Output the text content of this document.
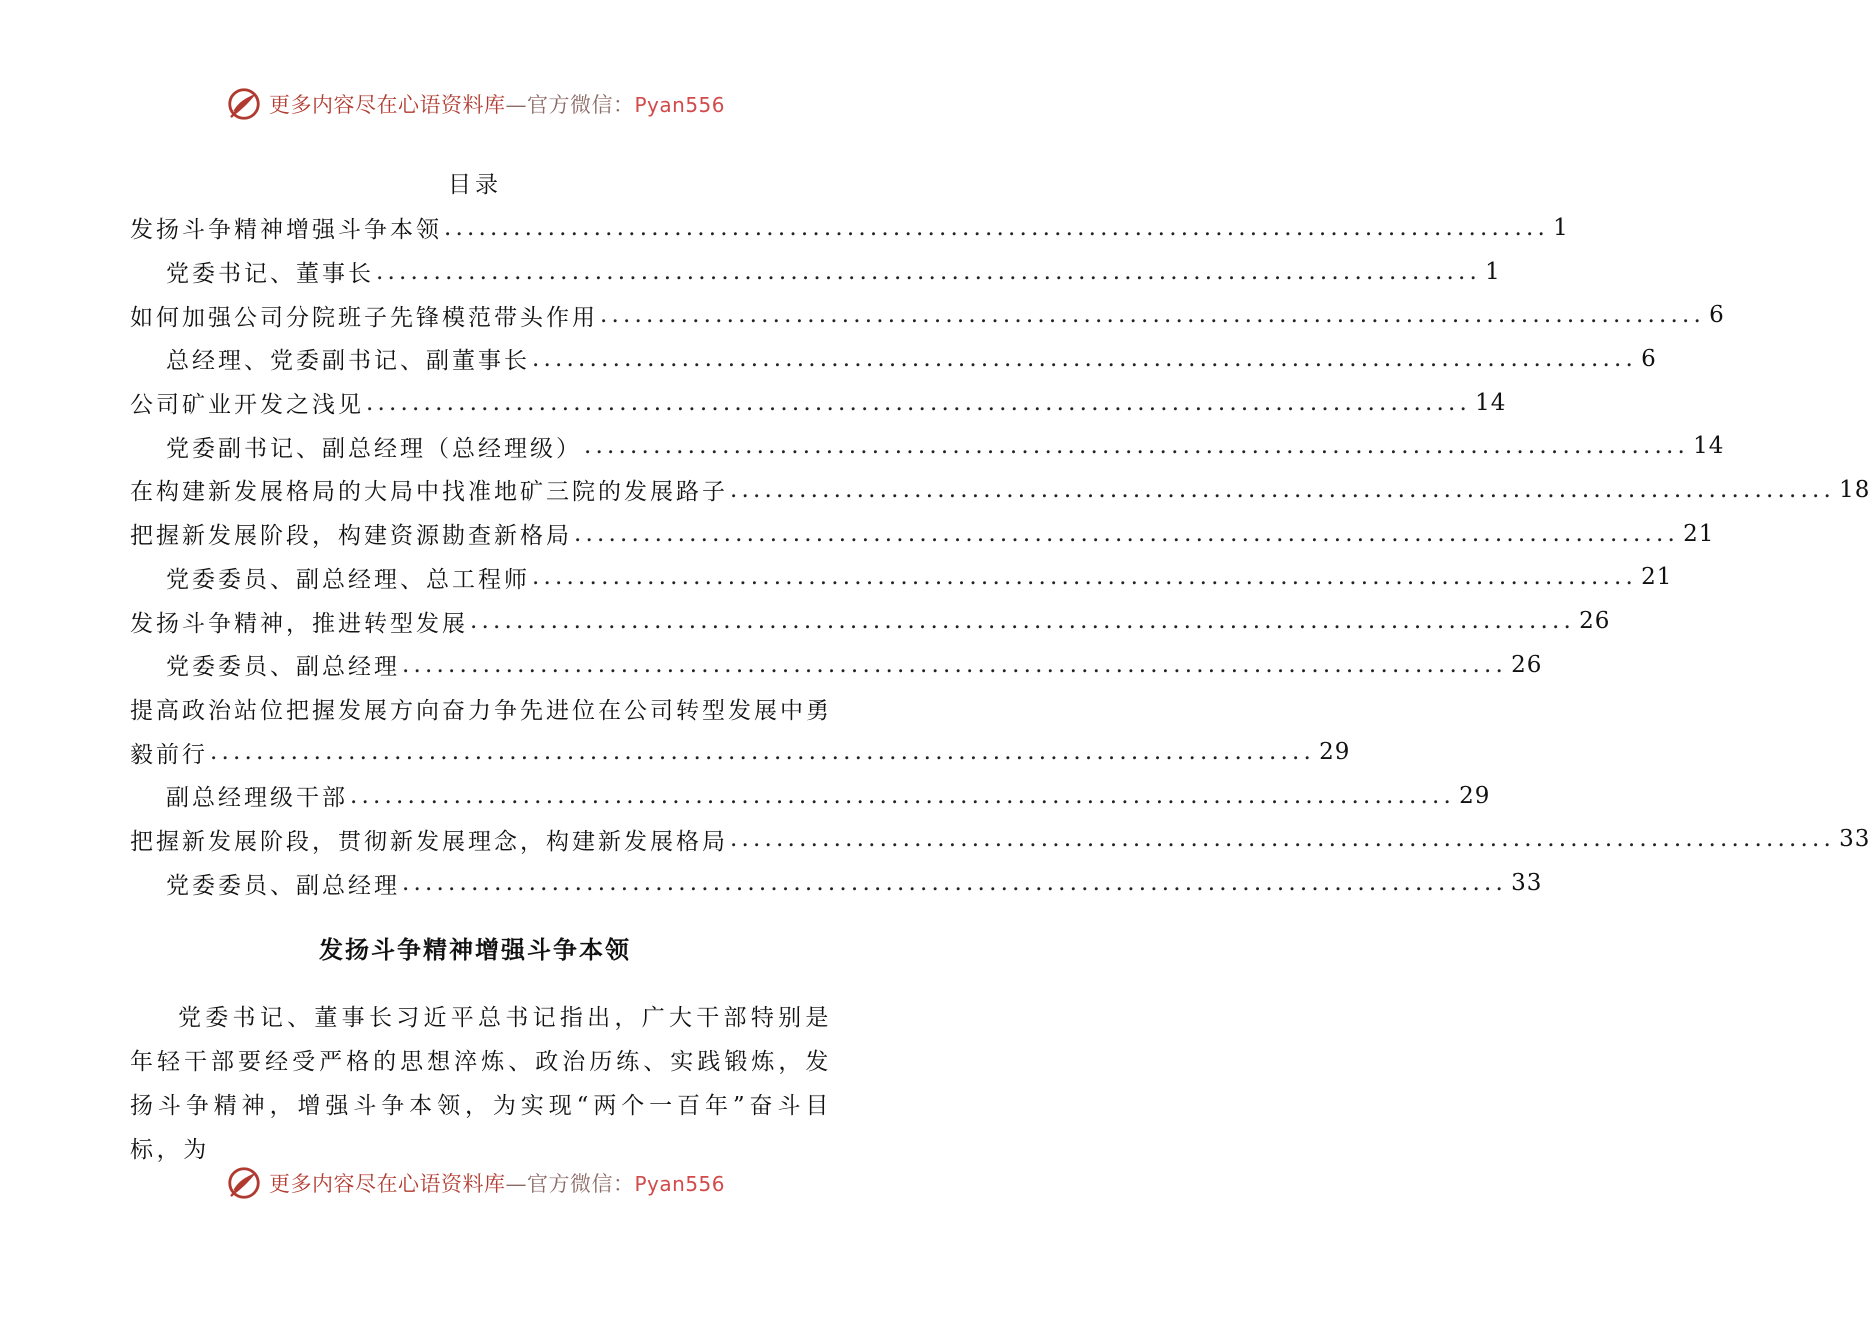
更多内容尽在心语资料库—官方微信：Pyan556
目录
发扬斗争精神增强斗争本领 ................................................................................................ 1
党委书记、董事长 ................................................................................................ 1
如何加强公司分院班子先锋模范带头作用 ................................................................................................ 6
总经理、党委副书记、副董事长 ................................................................................................ 6
公司矿业开发之浅见 ................................................................................................ 14
党委副书记、副总经理（总经理级） ................................................................................................ 14
在构建新发展格局的大局中找准地矿三院的发展路子 ................................................................................................ 18
把握新发展阶段，构建资源勘查新格局 ................................................................................................ 21
党委委员、副总经理、总工程师 ................................................................................................ 21
发扬斗争精神，推进转型发展 ................................................................................................ 26
党委委员、副总经理 ................................................................................................ 26
提高政治站位把握发展方向奋力争先进位在公司转型发展中勇
毅前行 ................................................................................................ 29
副总经理级干部 ................................................................................................ 29
把握新发展阶段，贯彻新发展理念，构建新发展格局 ................................................................................................ 33
党委委员、副总经理 ................................................................................................ 33
发扬斗争精神增强斗争本领

党委书记、董事长习近平总书记指出，广大干部特别是年轻干部要经受严格的思想淬炼、政治历练、实践锻炼，发扬斗争精神，增强斗争本领，为实现“两个一百年”奋斗目标，为

更多内容尽在心语资料库—官方微信：Pyan556
